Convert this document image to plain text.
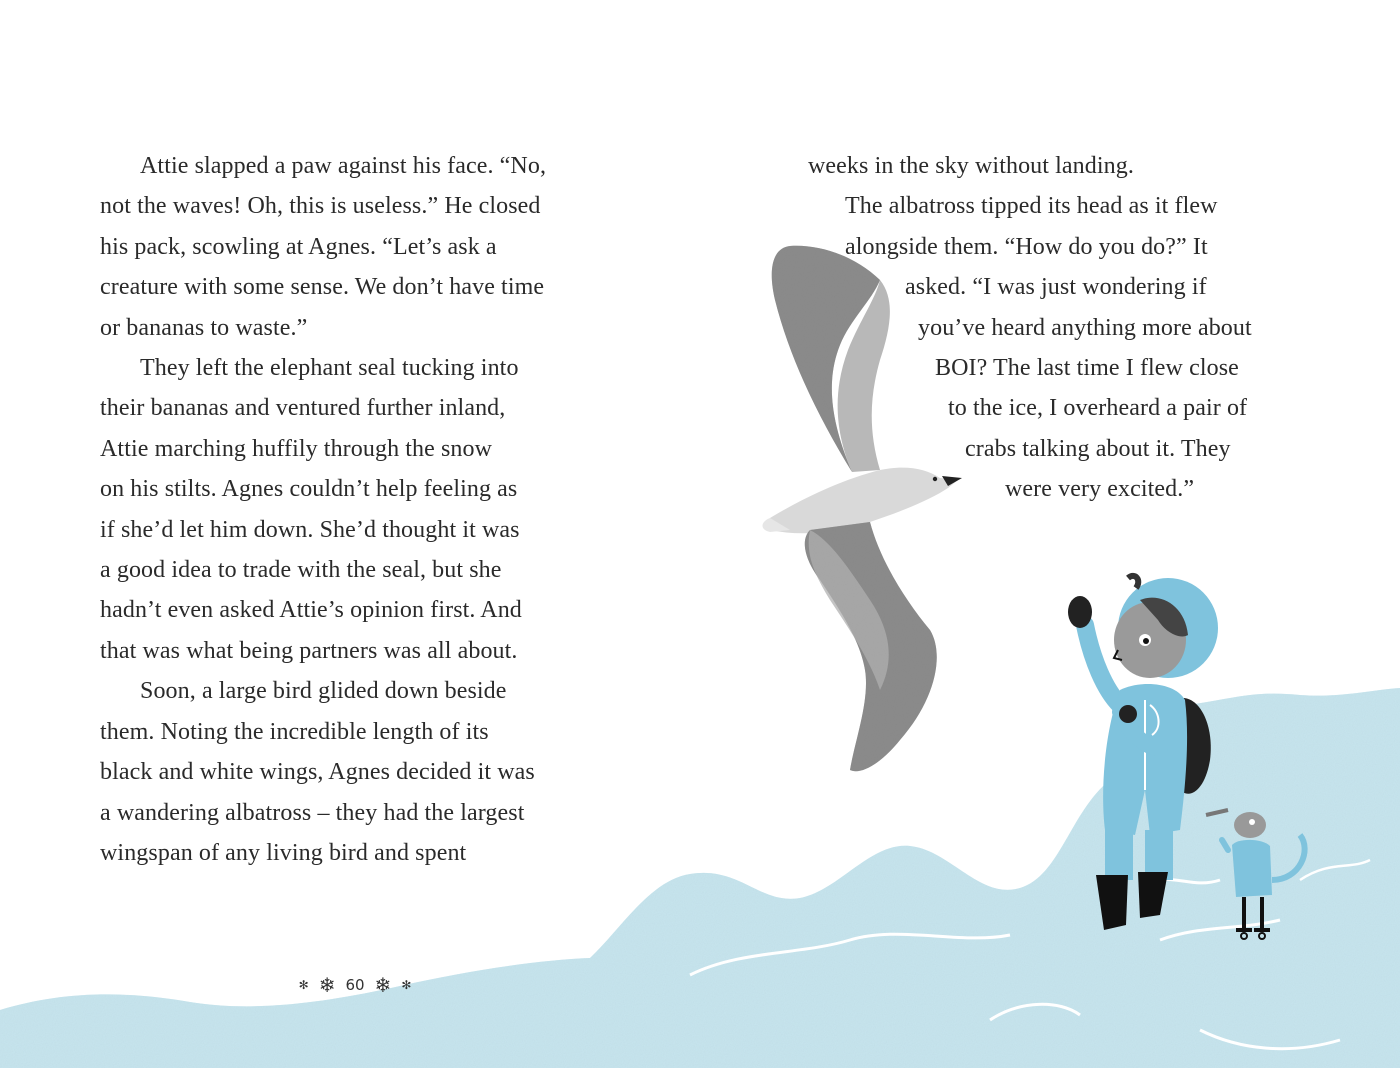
Attie slapped a paw against his face. “No,
not the waves! Oh, this is useless.” He closed
his pack, scowling at Agnes. “Let’s ask a
creature with some sense. We don’t have time
or bananas to waste.”
They left the elephant seal tucking into
their bananas and ventured further inland,
Attie marching huffily through the snow
on his stilts. Agnes couldn’t help feeling as
if she’d let him down. She’d thought it was
a good idea to trade with the seal, but she
hadn’t even asked Attie’s opinion first. And
that was what being partners was all about.
Soon, a large bird glided down beside
them. Noting the incredible length of its
black and white wings, Agnes decided it was
a wandering albatross – they had the largest
wingspan of any living bird and spent
weeks in the sky without landing.
The albatross tipped its head as it flew
alongside them. “How do you do?” It
asked. “I was just wondering if
you’ve heard anything more about
BOI? The last time I flew close
to the ice, I overheard a pair of
crabs talking about it. They
were very excited.”
✻ ❄ 60 ❄ ✻
